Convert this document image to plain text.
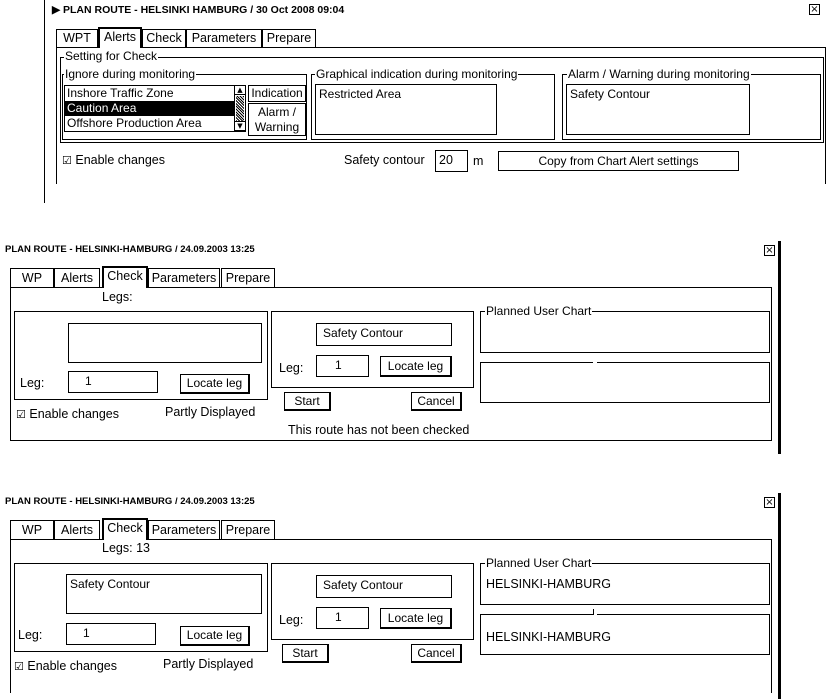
▶ PLAN ROUTE - HELSINKI HAMBURG / 30 Oct 2008 09:04	×
WPT	Alerts Check Parameters Prepare
Setting for Check
Ignore during monitoring
Inshore Traffic Zone
Caution Area
Offshore Production Area
▲
▼
Indication
Alarm /
Warning
Graphical indication during monitoring
Restricted Area
Alarm / Warning during monitoring
Safety Contour
☑ Enable changes	Safety contour	20	m	Copy from Chart Alert settings
PLAN ROUTE - HELSINKI-HAMBURG / 24.09.2003 13:25	×
WP	Alerts	Check Parameters Prepare
Legs:
Leg:	1	Locate leg
☑ Enable changes	Partly Displayed
Safety Contour
Leg:	1	Locate leg
Start	Cancel
This route has not been checked
Planned User Chart
PLAN ROUTE - HELSINKI-HAMBURG / 24.09.2003 13:25	×
WP	Alerts	Check Parameters Prepare
Legs: 13
Safety Contour
Leg:	1	Locate leg
☑ Enable changes	Partly Displayed
Safety Contour
Leg:	1	Locate leg
Start	Cancel
Planned User Chart
HELSINKI-HAMBURG
HELSINKI-HAMBURG
